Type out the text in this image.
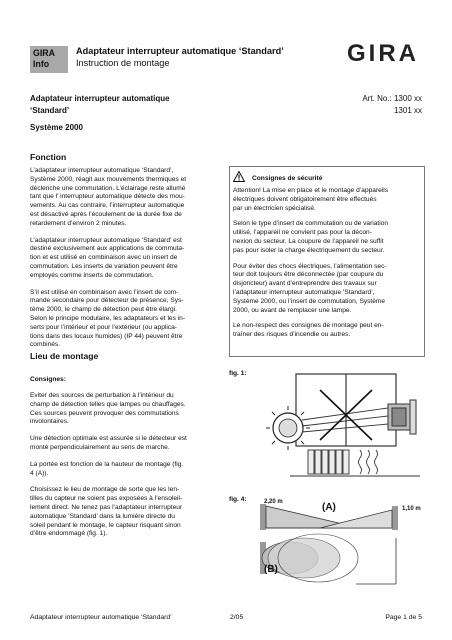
GIRA
Info
Adaptateur interrupteur automatique ‘Standard’
Instruction de montage	GIRA
Adaptateur interrupteur automatique
‘Standard’
Système 2000
Art. No.: 1300 xx
1301 xx
Fonction
L’adaptateur interrupteur automatique ‘Standard’,
Système 2000, réagit aux mouvements thermiques et
déclenche une commutation. L’éclairage reste allumé
tant que l’ interrupteur automatique détecte des mou-
vements. Au cas contraire, l’interrupteur automatique
est désactivé après l’écoulement de la durée fixe de
retardement d’environ 2 minutes.
L’adaptateur interrupteur automatique ‘Standard’ est
destiné exclusivement aux applications de commuta-
tion et est utilisé en combinaison avec un insert de
commutation. Les inserts de variation peuvent être
employés comme inserts de commutation.
S’il est utilisé en combinaison avec l’insert de com-
mande secondaire pour détecteur de présence, Sys-
tème 2000, le champ de détection peut être élargi.
Selon le principe modulaire, les adaptateurs et les in-
serts pour l’intérieur et pour l’extérieur (ou applica-
tions dans des locaux humides) (IP 44) peuvent être
combinés.
Consignes de sécurité
Attention! La mise en place et le montage d’appareils
électriques doivent obligatoirement être effectués
par un électricien spécialisé.
Selon le type d’insert de commutation ou de variation
utilisé, l’appareil ne convient pas pour la décon-
nexion du secteur. La coupure de l’appareil ne suffit
pas pour isoler la charge électriquement du secteur.
Pour éviter des chocs électriques, l’alimentation sec-
teur doit toujours être déconnectée (par coupure du
disjoncteur) avant d’entreprendre des travaux sur
l’adaptateur interrupteur automatique ‘Standard’,
Système 2000, ou l’insert de commutation, Système
2000, ou avant de remplacer une lampe.
Le non-respect des consignes de montage peut en-
traîner des risques d’incendie ou autres.
Lieu de montage
Consignes:
Eviter des sources de perturbation à l’intérieur du
champ de détection telles que lampes ou chauffages.
Ces sources peuvent provoquer des commutations
involontaires.
Une détection optimale est assurée si le détecteur est
monté perpendiculairement au sens de marche.
La portée est fonction de la hauteur de montage (fig.
4 (A)).
Choisissez le lieu de montage de sorte que les len-
tilles du capteur ne soient pas exposées à l’ensoleil-
lement direct. Ne tenez pas l’adaptateur interrupteur
automatique ‘Standard’ dans la lumière directe du
soleil pendant le montage, le capteur risquant sinon
d’être endommagé (fig. 1).
fig. 1:
fig. 4:	2,20 m
1,10 m
(A)
(B)
Adaptateur interrupteur automatique ‘Standard’	2/05	Page 1 de 5
